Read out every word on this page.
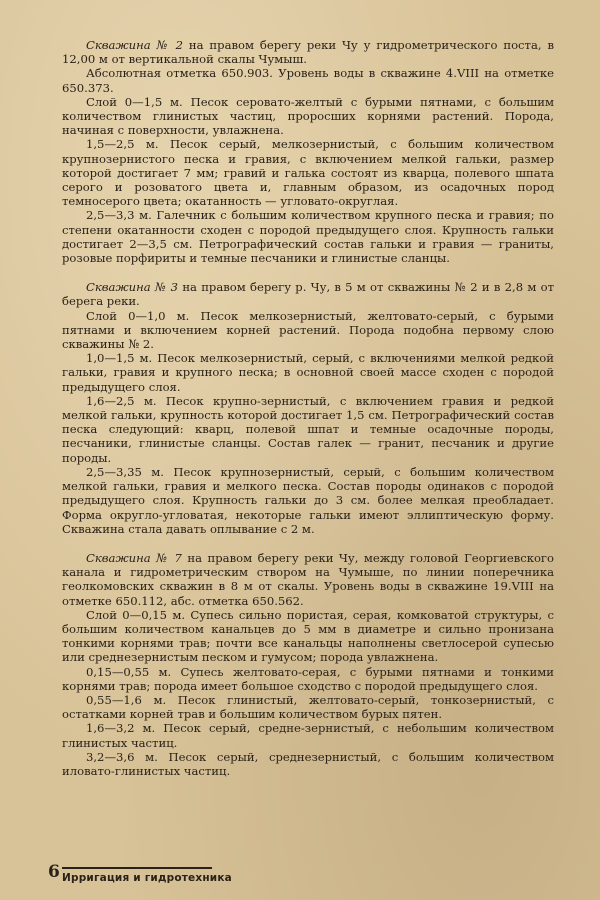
Скважина № 2 на правом берегу реки Чу у гидрометрического поста, в 12,00 м от вертикальной скалы Чумыш.

Абсолютная отметка 650.903. Уровень воды в скважине 4.VIII на отметке 650.373.

Слой 0—1,5 м. Песок серовато-желтый с бурыми пятнами, с большим количеством глинистых частиц, проросших корнями растений. Порода, начиная с поверхности, увлажнена.

1,5—2,5 м. Песок серый, мелкозернистый, с большим количеством крупнозернистого песка и гравия, с включением мелкой гальки, размер которой достигает 7 мм; гравий и галька состоят из кварца, полевого шпата серого и розоватого цвета и, главным образом, из осадочных пород темносерого цвета; окатанность — угловато-округлая.

2,5—3,3 м. Галечник с большим количеством крупного песка и гравия; по степени окатанности сходен с породой предыдущего слоя. Крупность гальки достигает 2—3,5 см. Петрографический состав гальки и гравия — граниты, розовые порфириты и темные песчаники и глинистые сланцы.

Скважина № 3 на правом берегу р. Чу, в 5 м от скважины № 2 и в 2,8 м от берега реки.

Слой 0—1,0 м. Песок мелкозернистый, желтовато-серый, с бурыми пятнами и включением корней растений. Порода подобна первому слою скважины № 2.

1,0—1,5 м. Песок мелкозернистый, серый, с включениями мелкой редкой гальки, гравия и крупного песка; в основной своей массе сходен с породой предыдущего слоя.

1,6—2,5 м. Песок крупно-зернистый, с включением гравия и редкой мелкой гальки, крупность которой достигает 1,5 см. Петрографический состав песка следующий: кварц, полевой шпат и темные осадочные породы, песчаники, глинистые сланцы. Состав галек — гранит, песчаник и другие породы.

2,5—3,35 м. Песок крупнозернистый, серый, с большим количеством мелкой гальки, гравия и мелкого песка. Состав породы одинаков с породой предыдущего слоя. Крупность гальки до 3 см. более мелкая преобладает. Форма округло-угловатая, некоторые гальки имеют эллиптическую форму. Скважина стала давать оплывание с 2 м.

Скважина № 7 на правом берегу реки Чу, между головой Георгиевского канала и гидрометрическим створом на Чумыше, по линии поперечника геолкомовских скважин в 8 м от скалы. Уровень воды в скважине 19.VIII на отметке 650.112, абс. отметка 650.562.

Слой 0—0,15 м. Супесь сильно пористая, серая, комковатой структуры, с большим количеством канальцев до 5 мм в диаметре и сильно пронизана тонкими корнями трав; почти все канальцы наполнены светлосерой супесью или среднезернистым песком и гумусом; порода увлажнена.

0,15—0,55 м. Супесь желтовато-серая, с бурыми пятнами и тонкими корнями трав; порода имеет большое сходство с породой предыдущего слоя.

0,55—1,6 м. Песок глинистый, желтовато-серый, тонкозернистый, с остатками корней трав и большим количеством бурых пятен.

1,6—3,2 м. Песок серый, средне-зернистый, с небольшим количеством глинистых частиц.

3,2—3,6 м. Песок серый, среднезернистый, с большим количеством иловато-глинистых частиц.

6 Ирригация и гидротехника
